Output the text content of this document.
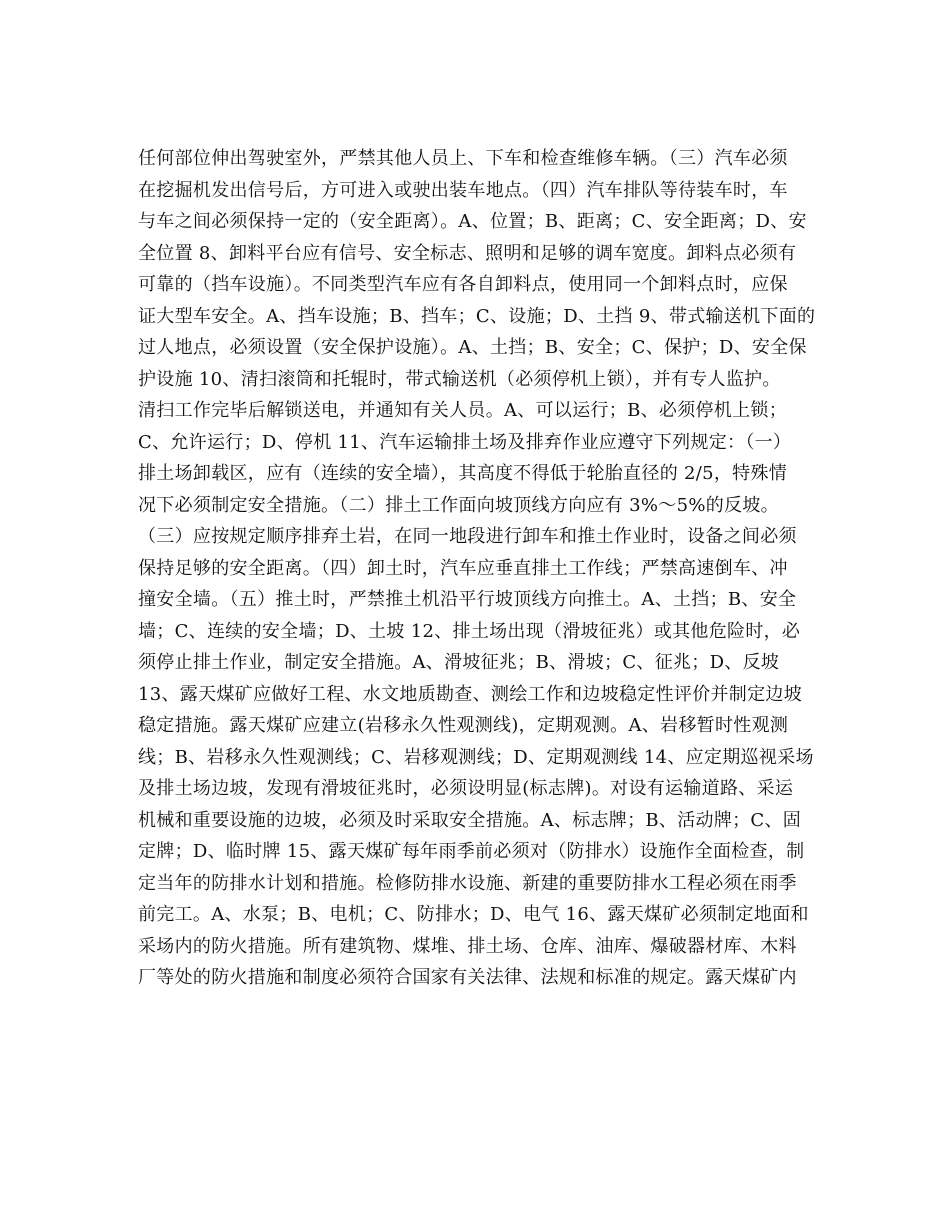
任何部位伸出驾驶室外，严禁其他人员上、下车和检查维修车辆。（三）汽车必须
在挖掘机发出信号后，方可进入或驶出装车地点。（四）汽车排队等待装车时，车
与车之间必须保持一定的（安全距离）。A、位置；B、距离；C、安全距离；D、安
全位置 8、卸料平台应有信号、安全标志、照明和足够的调车宽度。卸料点必须有
可靠的（挡车设施）。不同类型汽车应有各自卸料点，使用同一个卸料点时，应保
证大型车安全。A、挡车设施；B、挡车；C、设施；D、土挡 9、带式输送机下面的
过人地点，必须设置（安全保护设施）。A、土挡；B、安全；C、保护；D、安全保
护设施 10、清扫滚筒和托辊时，带式输送机（必须停机上锁），并有专人监护。
清扫工作完毕后解锁送电，并通知有关人员。A、可以运行；B、必须停机上锁；
C、允许运行；D、停机 11、汽车运输排土场及排弃作业应遵守下列规定：（一）
排土场卸载区，应有（连续的安全墙），其高度不得低于轮胎直径的 2/5，特殊情
况下必须制定安全措施。（二）排土工作面向坡顶线方向应有 3%～5%的反坡。
（三）应按规定顺序排弃土岩，在同一地段进行卸车和推土作业时，设备之间必须
保持足够的安全距离。（四）卸土时，汽车应垂直排土工作线；严禁高速倒车、冲
撞安全墙。（五）推土时，严禁推土机沿平行坡顶线方向推土。A、土挡；B、安全
墙；C、连续的安全墙；D、土坡 12、排土场出现（滑坡征兆）或其他危险时，必
须停止排土作业，制定安全措施。A、滑坡征兆；B、滑坡；C、征兆；D、反坡
13、露天煤矿应做好工程、水文地质勘查、测绘工作和边坡稳定性评价并制定边坡
稳定措施。露天煤矿应建立(岩移永久性观测线)，定期观测。A、岩移暂时性观测
线；B、岩移永久性观测线；C、岩移观测线；D、定期观测线 14、应定期巡视采场
及排土场边坡，发现有滑坡征兆时，必须设明显(标志牌)。对设有运输道路、采运
机械和重要设施的边坡，必须及时采取安全措施。A、标志牌；B、活动牌；C、固
定牌；D、临时牌 15、露天煤矿每年雨季前必须对（防排水）设施作全面检查，制
定当年的防排水计划和措施。检修防排水设施、新建的重要防排水工程必须在雨季
前完工。A、水泵；B、电机；C、防排水；D、电气 16、露天煤矿必须制定地面和
采场内的防火措施。所有建筑物、煤堆、排土场、仓库、油库、爆破器材库、木料
厂等处的防火措施和制度必须符合国家有关法律、法规和标准的规定。露天煤矿内
